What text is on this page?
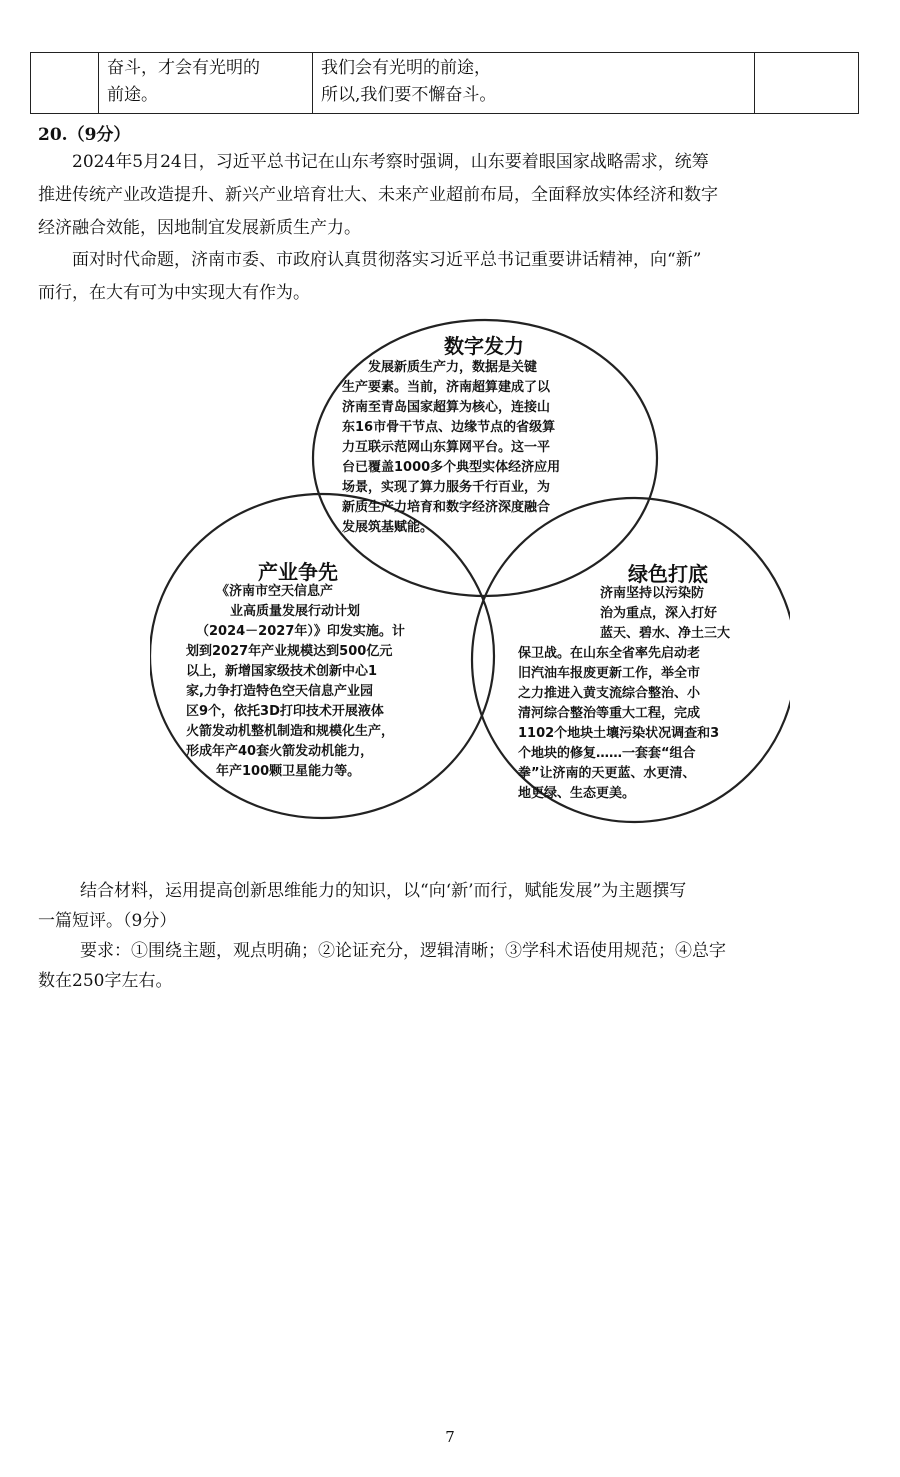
奋斗，才会有光明的
前途。

我们会有光明的前途，
所以,我们要不懈奋斗。

20.（9分）
2024年5月24日，习近平总书记在山东考察时强调，山东要着眼国家战略需求，统筹
推进传统产业改造提升、新兴产业培育壮大、未来产业超前布局，全面释放实体经济和数字
经济融合效能，因地制宜发展新质生产力。
面对时代命题，济南市委、市政府认真贯彻落实习近平总书记重要讲话精神，向“新”
而行，在大有可为中实现大有作为。
数字发力
发展新质生产力，数据是关键
生产要素。当前，济南超算建成了以
济南至青岛国家超算为核心，连接山
东16市骨干节点、边缘节点的省级算
力互联示范网山东算网平台。这一平
台已覆盖1000多个典型实体经济应用
场景，实现了算力服务千行百业，为
新质生产力培育和数字经济深度融合
发展筑基赋能。
产业争先
《济南市空天信息产
业高质量发展行动计划
（2024－2027年）》印发实施。计
划到2027年产业规模达到500亿元
以上，新增国家级技术创新中心1
家,力争打造特色空天信息产业园
区9个，依托3D打印技术开展液体
火箭发动机整机制造和规模化生产，
形成年产40套火箭发动机能力，
年产100颗卫星能力等。
绿色打底
济南坚持以污染防
治为重点，深入打好
蓝天、碧水、净土三大
保卫战。在山东全省率先启动老
旧汽油车报废更新工作，举全市
之力推进入黄支流综合整治、小
清河综合整治等重大工程，完成
1102个地块土壤污染状况调查和3
个地块的修复……一套套“组合
拳”让济南的天更蓝、水更清、
地更绿、生态更美。
结合材料，运用提高创新思维能力的知识，以“向‘新’而行，赋能发展”为主题撰写
一篇短评。（9分）
要求：①围绕主题，观点明确；②论证充分，逻辑清晰；③学科术语使用规范；④总字
数在250字左右。
7
